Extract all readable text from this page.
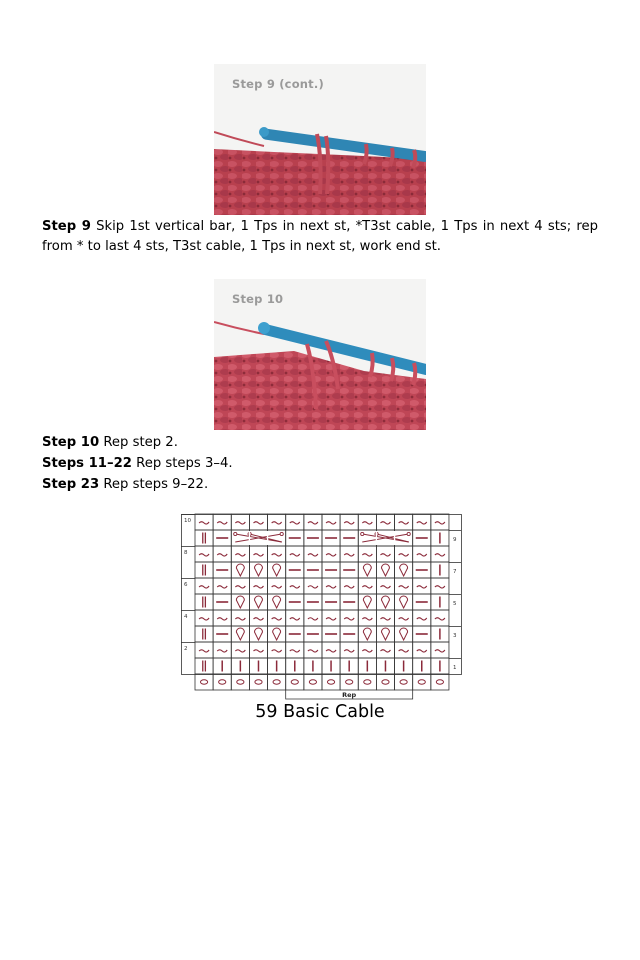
Step 9 (cont.)
Step 9 Skip 1st vertical bar, 1 Tps in next st, *T3st cable, 1 Tps in next 4 sts; rep
from * to last 4 sts, T3st cable, 1 Tps in next st, work end st.
Step 10
Step 10 Rep step 2.
Steps 11–22 Rep steps 3–4.
Step 23 Rep steps 9–22.
10
9
8
7
6
5
4
3
2
1
Rep
59 Basic Cable
